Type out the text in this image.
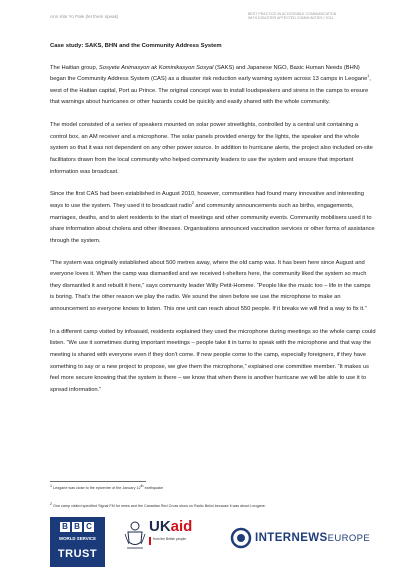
Ann Kite Yo Pale (let them speak)	BEST PRACTICE IN ACCESSIBLE COMMUNICATION
WITH DISASTER AFFECTED COMMUNITIES / 2011
Case study: SAKS, BHN and the Community Address System

The Haitian group, Sosyete Animasyon ak Kominikasyon Sosyal (SAKS) and Japanese NGO, Basic Human Needs (BHN) began the Community Address System (CAS) as a disaster risk reduction early warning system across 13 camps in Leogane$^1$, west of the Haitian capital, Port au Prince. The original concept was to install loudspeakers and sirens in the camps to ensure that warnings about hurricanes or other hazards could be quickly and easily shared with the whole community.

The model consisted of a series of speakers mounted on solar power streetlights, controlled by a central unit containing a control box, an AM receiver and a microphone. The solar panels provided energy for the lights, the speaker and the whole system so that it was not dependent on any other power source. In addition to hurricane alerts, the project also included on-site facilitators drawn from the local community who helped community leaders to use the system and ensure that important information was broadcast.

Since the first CAS had been established in August 2010, however, communities had found many innovative and interesting ways to use the system. They used it to broadcast radio$^2$ and community announcements such as births, engagements, marriages, deaths, and to alert residents to the start of meetings and other community events. Community mobilisers used it to share information about cholera and other illnesses. Organisations announced vaccination services or other forms of assistance through the system.

“The system was originally established about 500 metres away, where the old camp was. It has been here since August and everyone loves it. When the camp was dismantled and we received t-shelters here, the community liked the system so much they dismantled it and rebuilt it here,” says community leader Willy Petit-Homme. “People like the music too – life in the camps is boring. That’s the other reason we play the radio. We sound the siren before we use the microphone to make an announcement so everyone knows to listen. This one unit can reach about 550 people. If it breaks we will find a way to fix it.”

In a different camp visited by infoasaid, residents explained they used the microphone during meetings so the whole camp could listen. “We use it sometimes during important meetings – people take it in turns to speak with the microphone and that way the meeting is shared with everyone even if they don’t come. If new people come to the camp, especially foreigners, if they have something to say or a new project to propose, we give them the microphone,” explained one committee member. “It makes us feel more secure knowing that the system is there – we know that when there is another hurricane we will be able to use it to spread information.”

$^1$ Leogane was close to the epicentre of the January 12th earthquake
$^2$ One camp visited specified Signal FM for news and the Canadian Red Cross show on Radio Beliol because it was about Leogane.
B B C
WORLD SERVICE
TRUST
UKaid
from the British people	INTERNEWSEUROPE
